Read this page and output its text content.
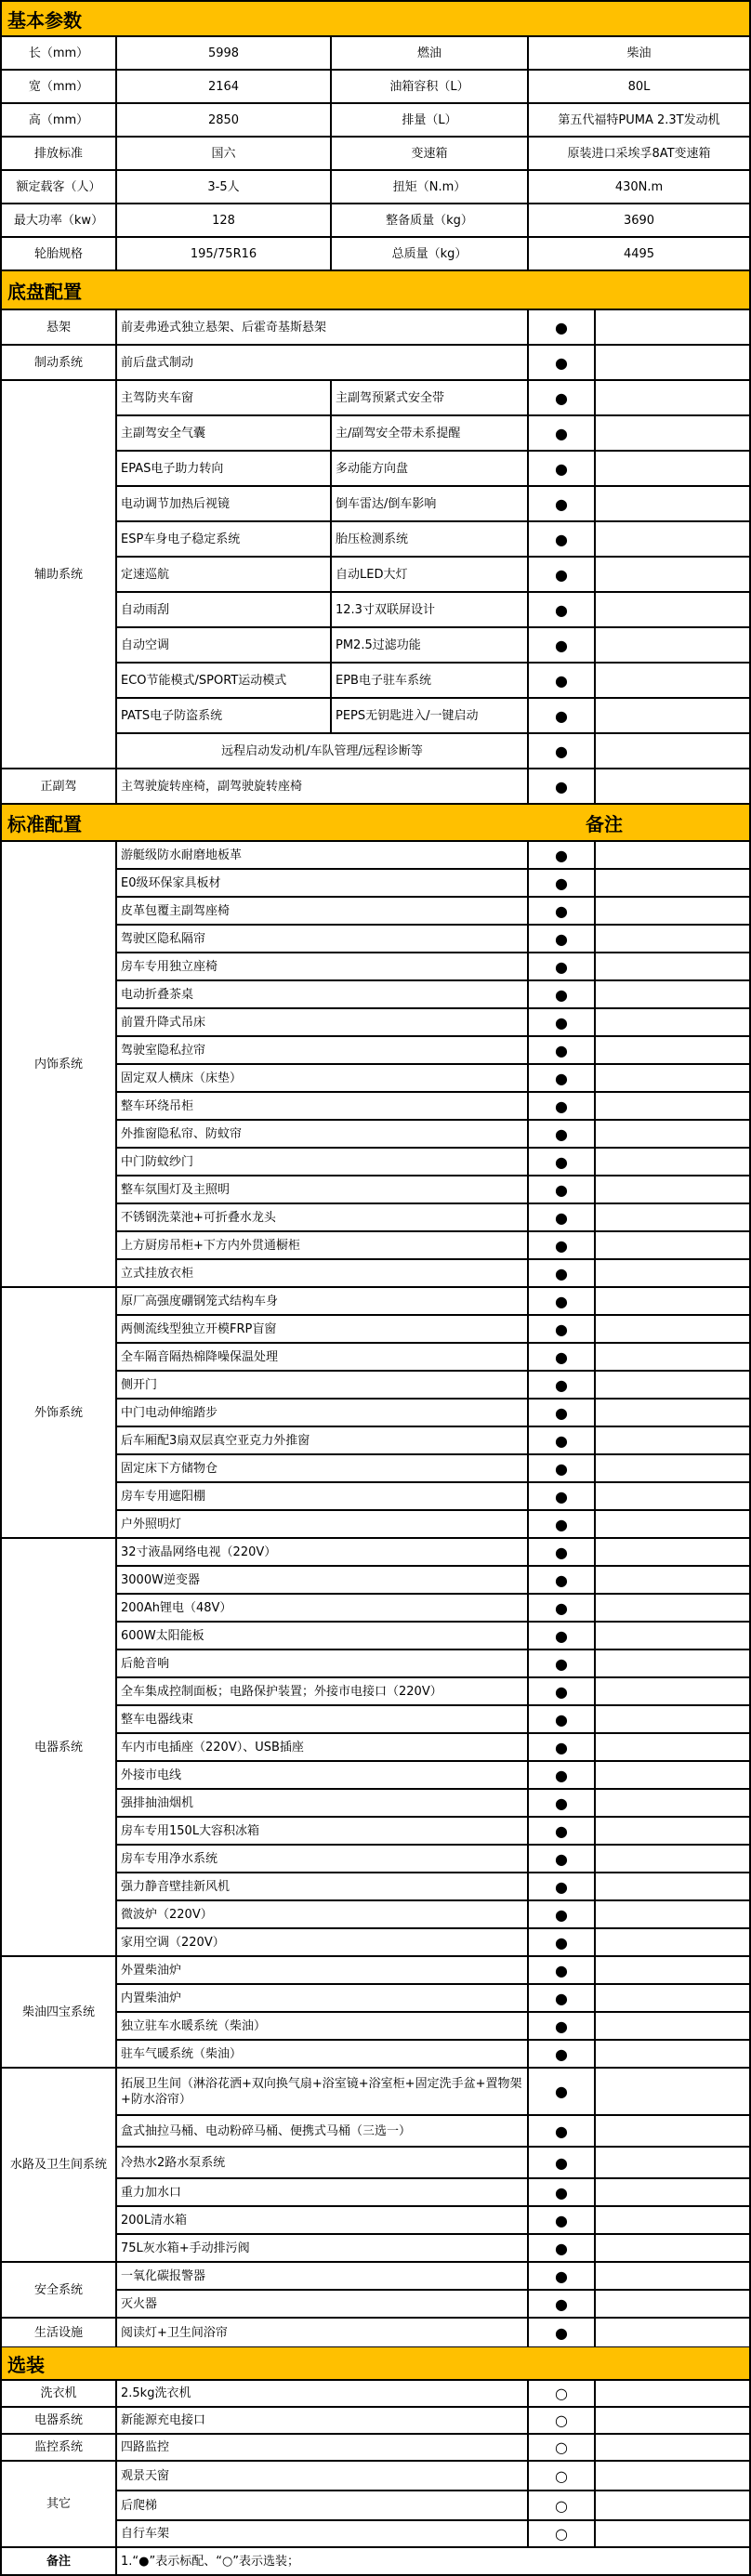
基本参数
长（mm）	5998	燃油	柴油
宽（mm）	2164	油箱容积（L）	80L
高（mm）	2850	排量（L）	第五代福特PUMA 2.3T发动机
排放标准	国六	变速箱	原装进口采埃孚8AT变速箱
额定载客（人）	3-5人	扭矩（N.m）	430N.m
最大功率（kw）	128	整备质量（kg）	3690
轮胎规格	195/75R16	总质量（kg）	4495
底盘配置
悬架	前麦弗逊式独立悬架、后霍奇基斯悬架	●
制动系统	前后盘式制动	●
辅助系统
主驾防夹车窗	主副驾预紧式安全带	●
主副驾安全气囊	主/副驾安全带未系提醒	●
EPAS电子助力转向	多动能方向盘	●
电动调节加热后视镜	倒车雷达/倒车影响	●
ESP车身电子稳定系统	胎压检测系统	●
定速巡航	自动LED大灯	●
自动雨刮	12.3寸双联屏设计	●
自动空调	PM2.5过滤功能	●
ECO节能模式/SPORT运动模式	EPB电子驻车系统	●
PATS电子防盗系统	PEPS无钥匙进入/一键启动	●
远程启动发动机/车队管理/远程诊断等	●
正副驾	主驾驶旋转座椅，副驾驶旋转座椅	●
标准配置	备注
内饰系统
游艇级防水耐磨地板革	●
E0级环保家具板材	●
皮革包覆主副驾座椅	●
驾驶区隐私隔帘	●
房车专用独立座椅	●
电动折叠茶桌	●
前置升降式吊床	●
驾驶室隐私拉帘	●
固定双人横床（床垫）	●
整车环绕吊柜	●
外推窗隐私帘、防蚊帘	●
中门防蚊纱门	●
整车氛围灯及主照明	●
不锈钢洗菜池+可折叠水龙头	●
上方厨房吊柜+下方内外贯通橱柜	●
立式挂放衣柜	●
外饰系统
原厂高强度硼钢笼式结构车身	●
两侧流线型独立开模FRP盲窗	●
全车隔音隔热棉降噪保温处理	●
侧开门	●
中门电动伸缩踏步	●
后车厢配3扇双层真空亚克力外推窗	●
固定床下方储物仓	●
房车专用遮阳棚	●
户外照明灯	●
电器系统
32寸液晶网络电视（220V）	●
3000W逆变器	●
200Ah锂电（48V）	●
600W太阳能板	●
后舱音响	●
全车集成控制面板；电路保护装置；外接市电接口（220V）	●
整车电器线束	●
车内市电插座（220V）、USB插座	●
外接市电线	●
强排抽油烟机	●
房车专用150L大容积冰箱	●
房车专用净水系统	●
强力静音壁挂新风机	●
微波炉（220V）	●
家用空调（220V）	●
柴油四宝系统
外置柴油炉	●
内置柴油炉	●
独立驻车水暖系统（柴油）	●
驻车气暖系统（柴油）	●
水路及卫生间系统
拓展卫生间（淋浴花洒+双向换气扇+浴室镜+浴室柜+固定洗手盆+置物架+防水浴帘）	●
盒式抽拉马桶、电动粉碎马桶、便携式马桶（三选一）	●
冷热水2路水泵系统	●
重力加水口	●
200L清水箱	●
75L灰水箱+手动排污阀	●
安全系统
一氧化碳报警器	●
灭火器	●
生活设施	阅读灯+卫生间浴帘	●
选装
洗衣机	2.5kg洗衣机	○
电器系统	新能源充电接口	○
监控系统	四路监控	○
其它
观景天窗	○
后爬梯	○
自行车架	○
备注	1.“●”表示标配、“○”表示选装；
